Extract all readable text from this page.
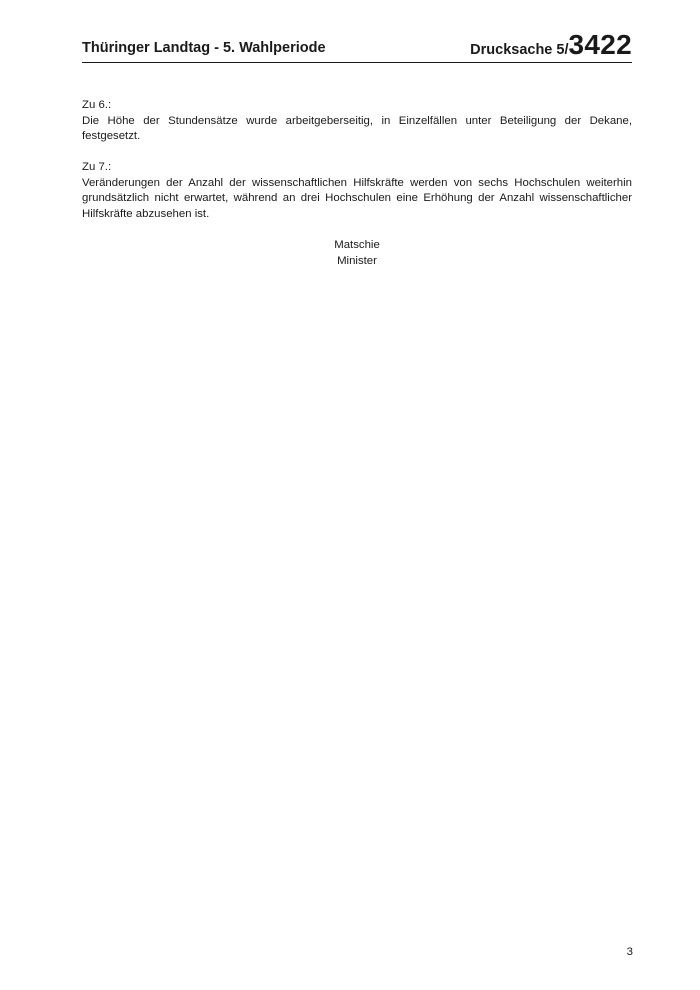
Thüringer Landtag - 5. Wahlperiode	Drucksache 5/3422

Zu 6.:

Die Höhe der Stundensätze wurde arbeitgeberseitig, in Einzelfällen unter Beteiligung der Dekane, festgesetzt.

Zu 7.:

Veränderungen der Anzahl der wissenschaftlichen Hilfskräfte werden von sechs Hochschulen weiterhin grundsätzlich nicht erwartet, während an drei Hochschulen eine Erhöhung der Anzahl wissenschaftlicher Hilfskräfte abzusehen ist.

Matschie
Minister
3
